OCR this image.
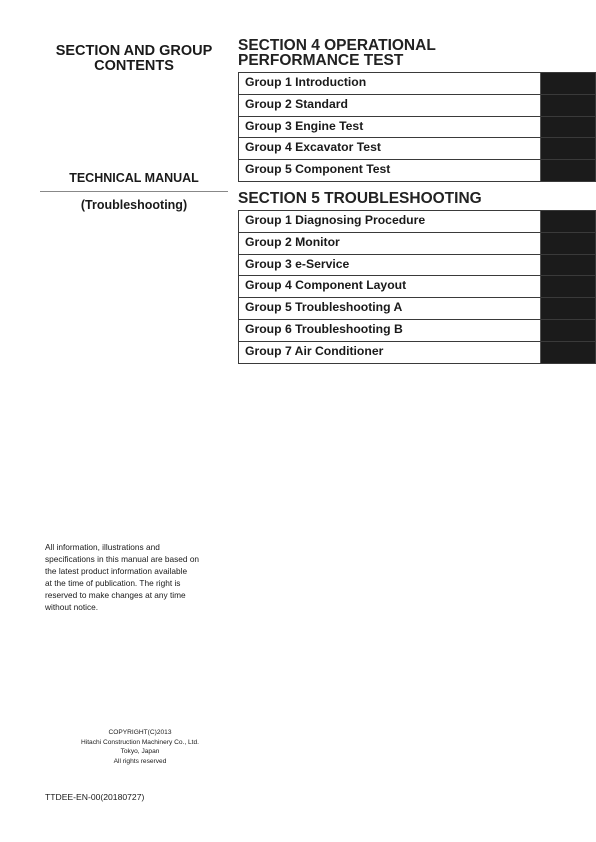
SECTION AND GROUP

CONTENTS

TECHNICAL MANUAL
(Troubleshooting)
All information, illustrations and
specifications in this manual are based on
the latest product information available
at the time of publication. The right is
reserved to make changes at any time
without notice.
COPYRIGHT(C)2013
Hitachi Construction Machinery Co., Ltd.
Tokyo, Japan
All rights reserved
TTDEE-EN-00(20180727)

SECTION 4 OPERATIONAL

PERFORMANCE TEST

Group 1 Introduction
Group 2 Standard
Group 3 Engine Test
Group 4 Excavator Test
Group 5 Component Test

SECTION 5 TROUBLESHOOTING

Group 1 Diagnosing Procedure
Group 2 Monitor
Group 3 e-Service
Group 4 Component Layout
Group 5 Troubleshooting A
Group 6 Troubleshooting B
Group 7 Air Conditioner
